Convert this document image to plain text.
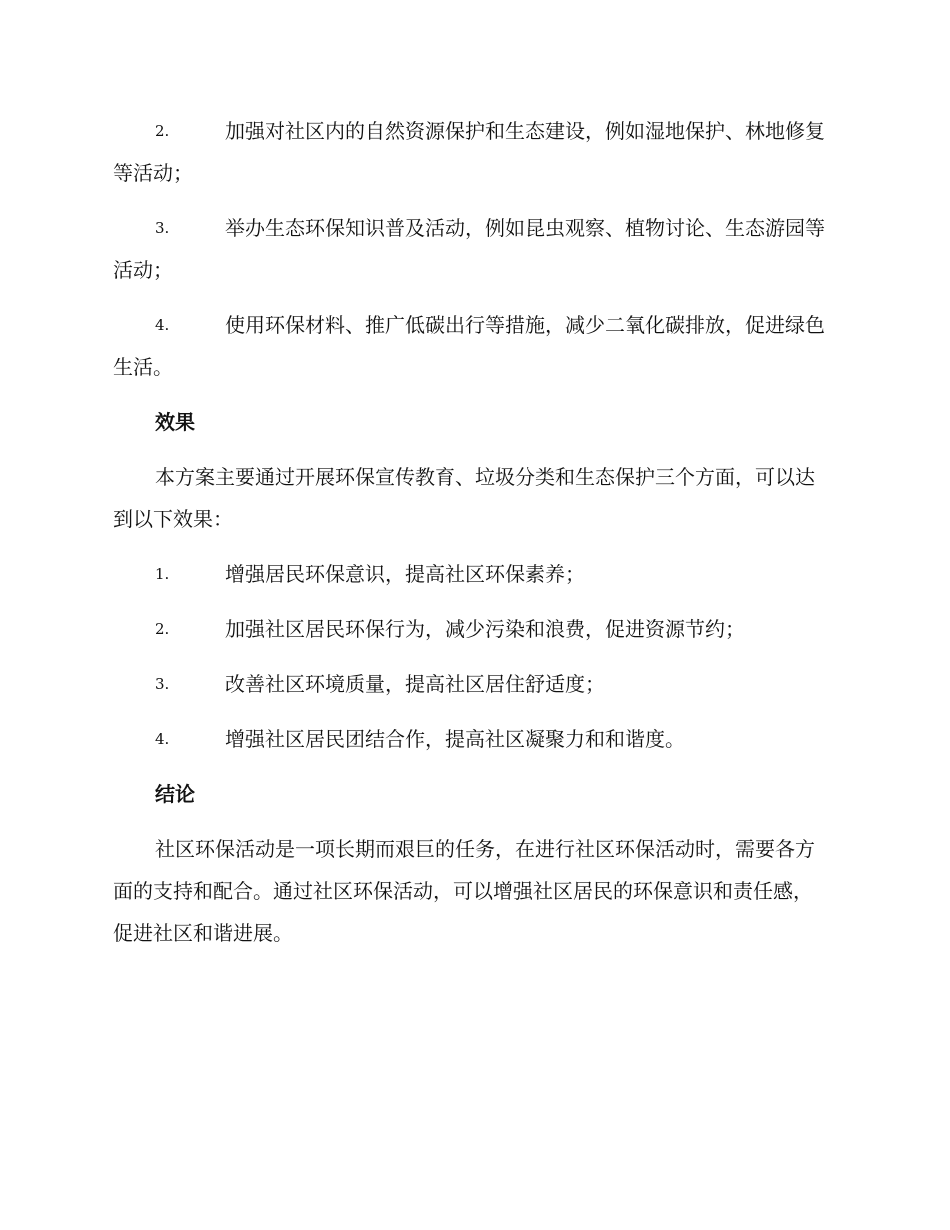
2.	加强对社区内的自然资源保护和生态建设，例如湿地保护、林地修复等活动；
3.	举办生态环保知识普及活动，例如昆虫观察、植物讨论、生态游园等活动；
4.	使用环保材料、推广低碳出行等措施，减少二氧化碳排放，促进绿色生活。
效果
本方案主要通过开展环保宣传教育、垃圾分类和生态保护三个方面，可以达到以下效果：
1.	增强居民环保意识，提高社区环保素养；
2.	加强社区居民环保行为，减少污染和浪费，促进资源节约；
3.	改善社区环境质量，提高社区居住舒适度；
4.	增强社区居民团结合作，提高社区凝聚力和和谐度。
结论
社区环保活动是一项长期而艰巨的任务，在进行社区环保活动时，需要各方面的支持和配合。通过社区环保活动，可以增强社区居民的环保意识和责任感，促进社区和谐进展。
